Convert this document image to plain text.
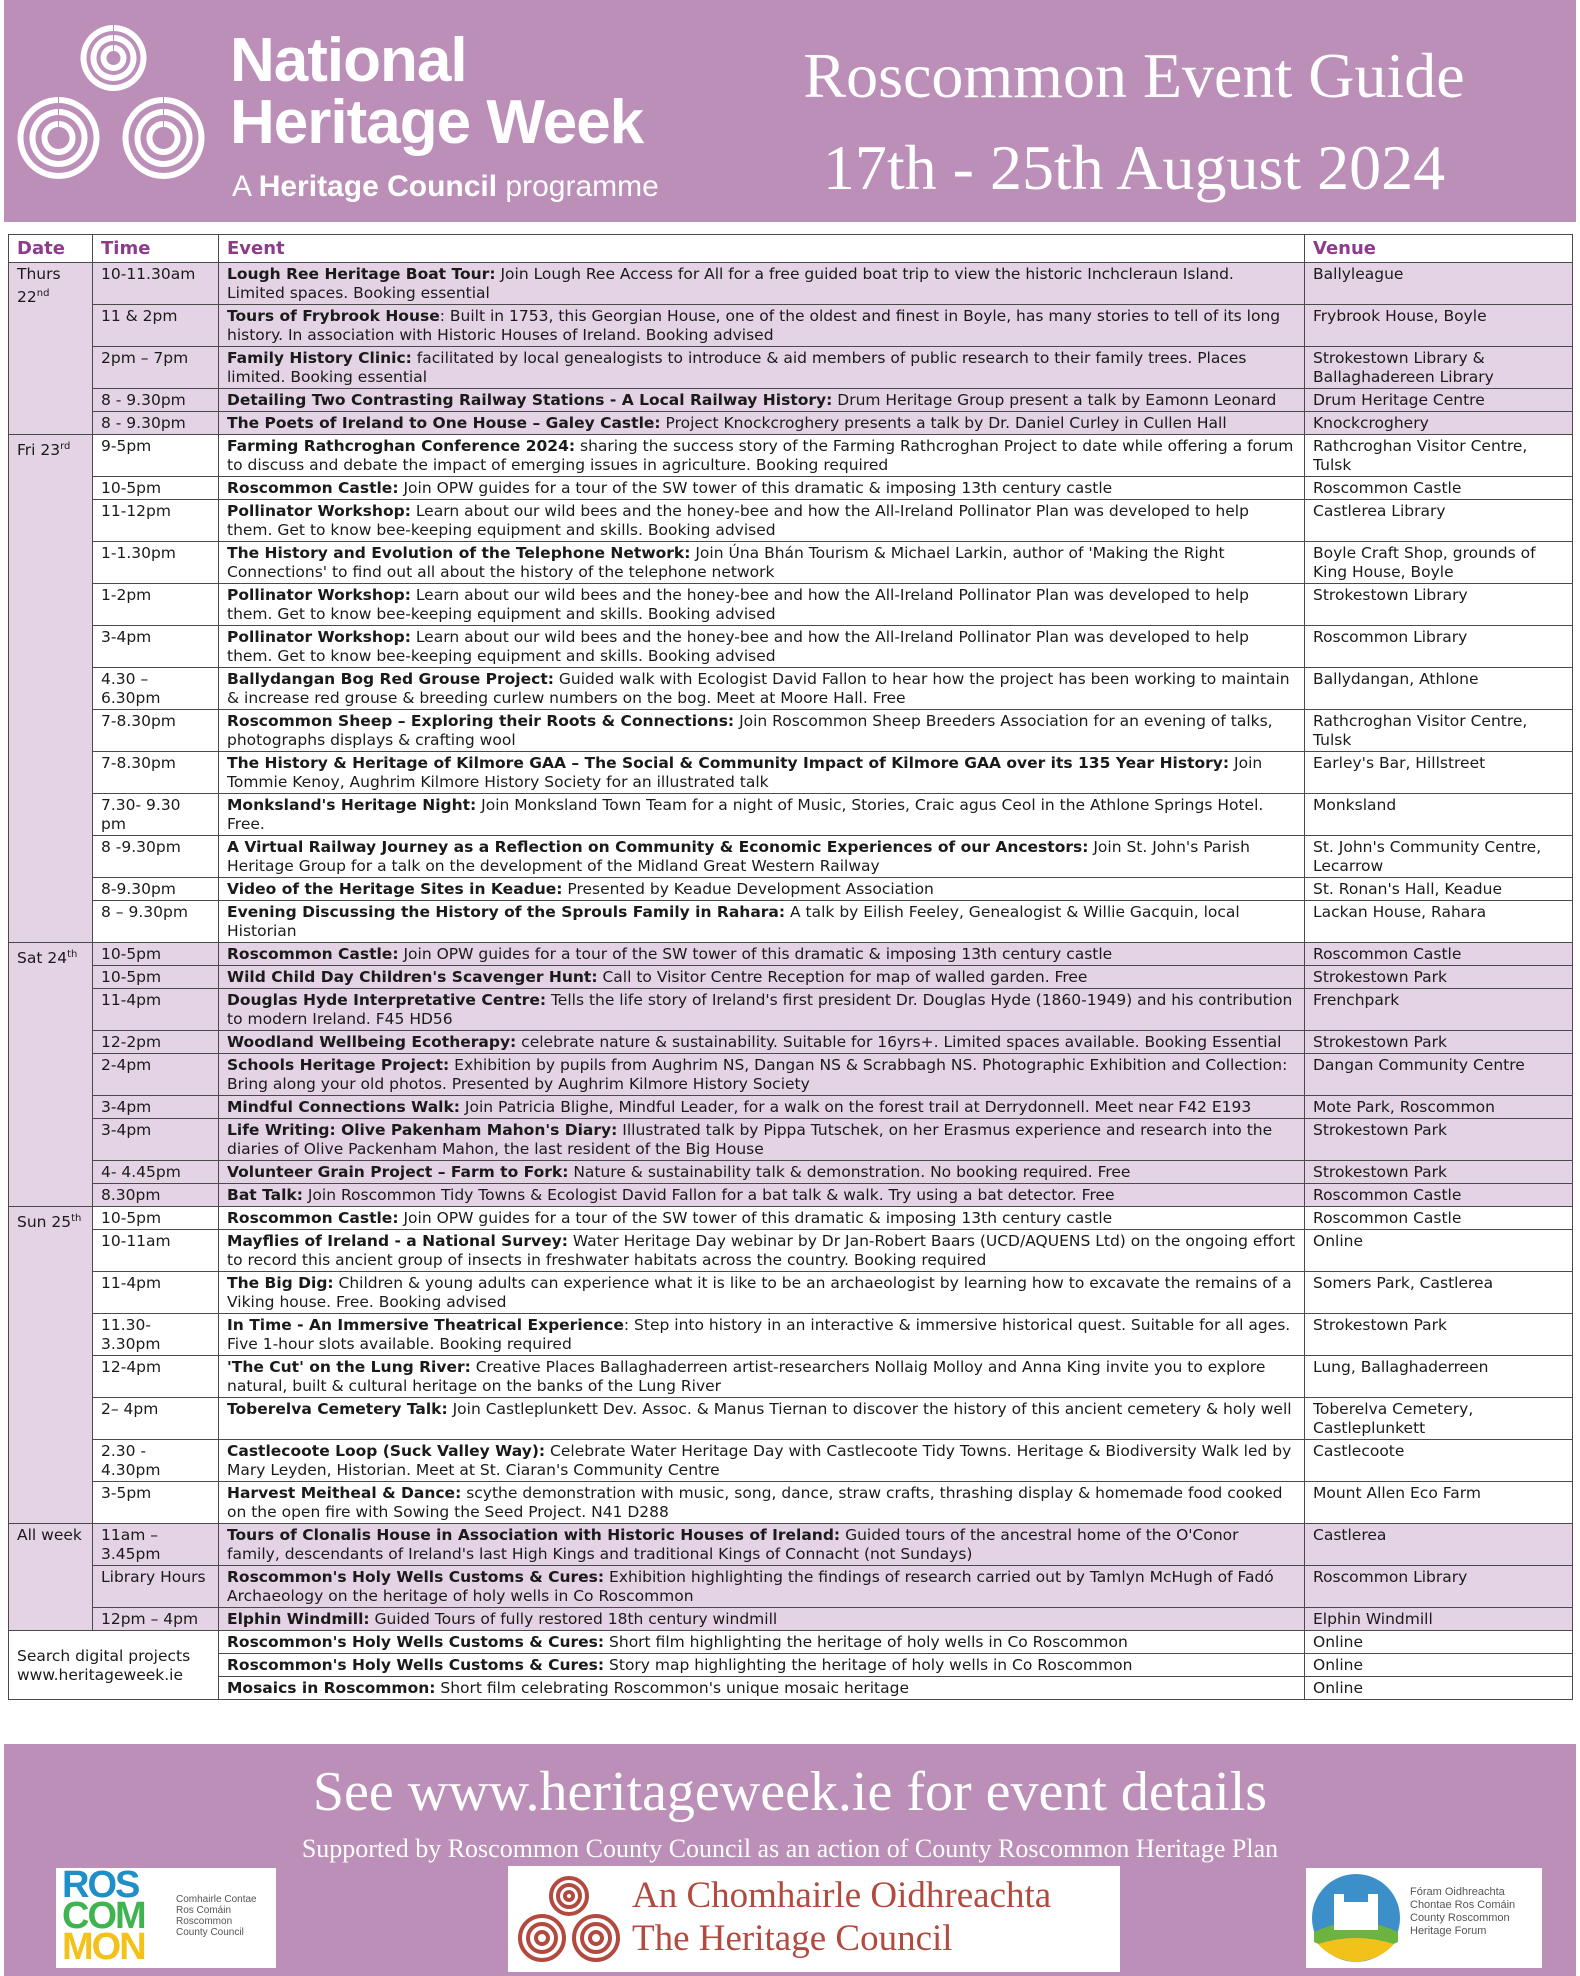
National
Heritage Week
A Heritage Council programme
Roscommon Event Guide
17th - 25th August 2024
Date	Time	Event	Venue
Thurs
22nd	10-11.30am	Lough Ree Heritage Boat Tour: Join Lough Ree Access for All for a free guided boat trip to view the historic Inchcleraun Island. Limited spaces. Booking essential	Ballyleague
	11 & 2pm	Tours of Frybrook House: Built in 1753, this Georgian House, one of the oldest and finest in Boyle, has many stories to tell of its long history. In association with Historic Houses of Ireland. Booking advised	Frybrook House, Boyle
	2pm – 7pm	Family History Clinic: facilitated by local genealogists to introduce & aid members of public research to their family trees. Places limited. Booking essential	Strokestown Library & Ballaghadereen Library
	8 - 9.30pm	Detailing Two Contrasting Railway Stations - A Local Railway History: Drum Heritage Group present a talk by Eamonn Leonard	Drum Heritage Centre
	8 - 9.30pm	The Poets of Ireland to One House – Galey Castle: Project Knockcroghery presents a talk by Dr. Daniel Curley in Cullen Hall	Knockcroghery
Fri 23rd	9-5pm	Farming Rathcroghan Conference 2024: sharing the success story of the Farming Rathcroghan Project to date while offering a forum to discuss and debate the impact of emerging issues in agriculture. Booking required	Rathcroghan Visitor Centre, Tulsk
	10-5pm	Roscommon Castle: Join OPW guides for a tour of the SW tower of this dramatic & imposing 13th century castle	Roscommon Castle
	11-12pm	Pollinator Workshop: Learn about our wild bees and the honey-bee and how the All-Ireland Pollinator Plan was developed to help them. Get to know bee-keeping equipment and skills. Booking advised	Castlerea Library
	1-1.30pm	The History and Evolution of the Telephone Network: Join Úna Bhán Tourism & Michael Larkin, author of 'Making the Right Connections' to find out all about the history of the telephone network	Boyle Craft Shop, grounds of King House, Boyle
	1-2pm	Pollinator Workshop: Learn about our wild bees and the honey-bee and how the All-Ireland Pollinator Plan was developed to help them. Get to know bee-keeping equipment and skills. Booking advised	Strokestown Library
	3-4pm	Pollinator Workshop: Learn about our wild bees and the honey-bee and how the All-Ireland Pollinator Plan was developed to help them. Get to know bee-keeping equipment and skills. Booking advised	Roscommon Library
	4.30 – 6.30pm	Ballydangan Bog Red Grouse Project: Guided walk with Ecologist David Fallon to hear how the project has been working to maintain & increase red grouse & breeding curlew numbers on the bog. Meet at Moore Hall. Free	Ballydangan, Athlone
	7-8.30pm	Roscommon Sheep – Exploring their Roots & Connections: Join Roscommon Sheep Breeders Association for an evening of talks, photographs displays & crafting wool	Rathcroghan Visitor Centre, Tulsk
	7-8.30pm	The History & Heritage of Kilmore GAA – The Social & Community Impact of Kilmore GAA over its 135 Year History: Join Tommie Kenoy, Aughrim Kilmore History Society for an illustrated talk	Earley's Bar, Hillstreet
	7.30- 9.30 pm	Monksland's Heritage Night: Join Monksland Town Team for a night of Music, Stories, Craic agus Ceol in the Athlone Springs Hotel. Free.	Monksland
	8 -9.30pm	A Virtual Railway Journey as a Reflection on Community & Economic Experiences of our Ancestors: Join St. John's Parish Heritage Group for a talk on the development of the Midland Great Western Railway	St. John's Community Centre, Lecarrow
	8-9.30pm	Video of the Heritage Sites in Keadue: Presented by Keadue Development Association	St. Ronan's Hall, Keadue
	8 – 9.30pm	Evening Discussing the History of the Sprouls Family in Rahara: A talk by Eilish Feeley, Genealogist & Willie Gacquin, local Historian	Lackan House, Rahara
Sat 24th	10-5pm	Roscommon Castle: Join OPW guides for a tour of the SW tower of this dramatic & imposing 13th century castle	Roscommon Castle
	10-5pm	Wild Child Day Children's Scavenger Hunt: Call to Visitor Centre Reception for map of walled garden. Free	Strokestown Park
	11-4pm	Douglas Hyde Interpretative Centre: Tells the life story of Ireland's first president Dr. Douglas Hyde (1860-1949) and his contribution to modern Ireland. F45 HD56	Frenchpark
	12-2pm	Woodland Wellbeing Ecotherapy: celebrate nature & sustainability. Suitable for 16yrs+. Limited spaces available. Booking Essential	Strokestown Park
	2-4pm	Schools Heritage Project: Exhibition by pupils from Aughrim NS, Dangan NS & Scrabbagh NS. Photographic Exhibition and Collection: Bring along your old photos. Presented by Aughrim Kilmore History Society	Dangan Community Centre
	3-4pm	Mindful Connections Walk: Join Patricia Blighe, Mindful Leader, for a walk on the forest trail at Derrydonnell. Meet near F42 E193	Mote Park, Roscommon
	3-4pm	Life Writing: Olive Pakenham Mahon's Diary: Illustrated talk by Pippa Tutschek, on her Erasmus experience and research into the diaries of Olive Packenham Mahon, the last resident of the Big House	Strokestown Park
	4- 4.45pm	Volunteer Grain Project – Farm to Fork: Nature & sustainability talk & demonstration. No booking required. Free	Strokestown Park
	8.30pm	Bat Talk: Join Roscommon Tidy Towns & Ecologist David Fallon for a bat talk & walk. Try using a bat detector. Free	Roscommon Castle
Sun 25th	10-5pm	Roscommon Castle: Join OPW guides for a tour of the SW tower of this dramatic & imposing 13th century castle	Roscommon Castle
	10-11am	Mayflies of Ireland - a National Survey: Water Heritage Day webinar by Dr Jan-Robert Baars (UCD/AQUENS Ltd) on the ongoing effort to record this ancient group of insects in freshwater habitats across the country. Booking required	Online
	11-4pm	The Big Dig: Children & young adults can experience what it is like to be an archaeologist by learning how to excavate the remains of a Viking house. Free. Booking advised	Somers Park, Castlerea
	11.30- 3.30pm	In Time - An Immersive Theatrical Experience: Step into history in an interactive & immersive historical quest. Suitable for all ages. Five 1-hour slots available. Booking required	Strokestown Park
	12-4pm	'The Cut' on the Lung River: Creative Places Ballaghaderreen artist-researchers Nollaig Molloy and Anna King invite you to explore natural, built & cultural heritage on the banks of the Lung River	Lung, Ballaghaderreen
	2– 4pm	Toberelva Cemetery Talk: Join Castleplunkett Dev. Assoc. & Manus Tiernan to discover the history of this ancient cemetery & holy well	Toberelva Cemetery, Castleplunkett
	2.30 - 4.30pm	Castlecoote Loop (Suck Valley Way): Celebrate Water Heritage Day with Castlecoote Tidy Towns. Heritage & Biodiversity Walk led by Mary Leyden, Historian. Meet at St. Ciaran's Community Centre	Castlecoote
	3-5pm	Harvest Meitheal & Dance: scythe demonstration with music, song, dance, straw crafts, thrashing display & homemade food cooked on the open fire with Sowing the Seed Project. N41 D288	Mount Allen Eco Farm
All week	11am – 3.45pm	Tours of Clonalis House in Association with Historic Houses of Ireland: Guided tours of the ancestral home of the O'Conor family, descendants of Ireland's last High Kings and traditional Kings of Connacht (not Sundays)	Castlerea
	Library Hours	Roscommon's Holy Wells Customs & Cures: Exhibition highlighting the findings of research carried out by Tamlyn McHugh of Fadó Archaeology on the heritage of holy wells in Co Roscommon	Roscommon Library
	12pm – 4pm	Elphin Windmill: Guided Tours of fully restored 18th century windmill	Elphin Windmill

Search digital projects
www.heritageweek.ie		Roscommon's Holy Wells Customs & Cures: Short film highlighting the heritage of holy wells in Co Roscommon	Online
		Roscommon's Holy Wells Customs & Cures: Story map highlighting the heritage of holy wells in Co Roscommon	Online
		Mosaics in Roscommon: Short film celebrating Roscommon's unique mosaic heritage	Online
See www.heritageweek.ie for event details
Supported by Roscommon County Council as an action of County Roscommon Heritage Plan
ROS
COM
MON
Comhairle Contae
Ros Comáin
Roscommon
County Council
An Chomhairle Oidhreachta
The Heritage Council
Fóram Oidhreachta
Chontae Ros Comáin
County Roscommon
Heritage Forum
